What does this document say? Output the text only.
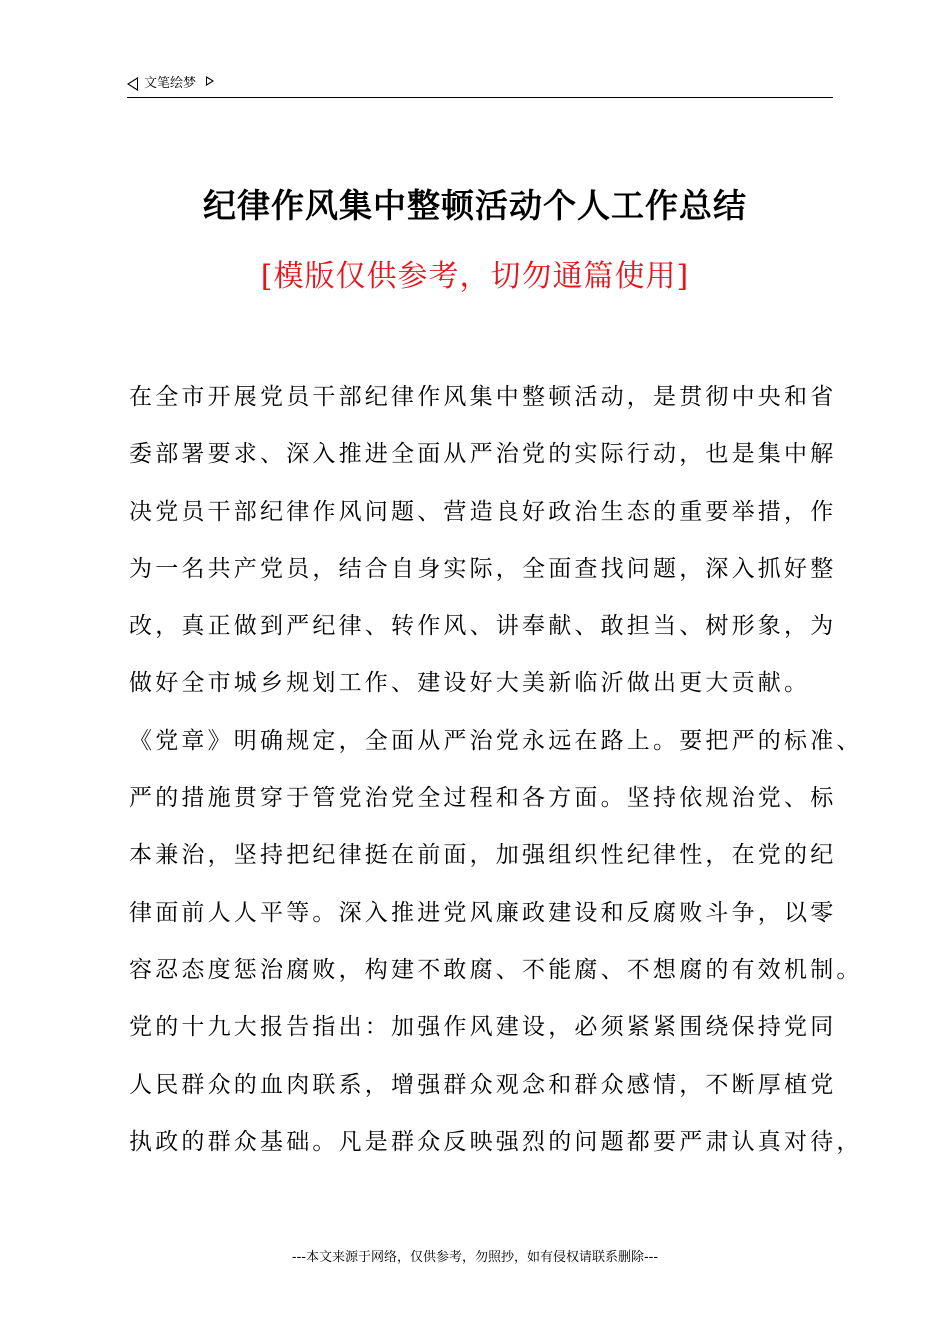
文笔绘梦
纪律作风集中整顿活动个人工作总结
[模版仅供参考，切勿通篇使用]
在全市开展党员干部纪律作风集中整顿活动，是贯彻中央和省
委部署要求、深入推进全面从严治党的实际行动，也是集中解
决党员干部纪律作风问题、营造良好政治生态的重要举措，作
为一名共产党员，结合自身实际，全面查找问题，深入抓好整
改，真正做到严纪律、转作风、讲奉献、敢担当、树形象，为
做好全市城乡规划工作、建设好大美新临沂做出更大贡献。
《党章》明确规定，全面从严治党永远在路上。要把严的标准、
严的措施贯穿于管党治党全过程和各方面。坚持依规治党、标
本兼治，坚持把纪律挺在前面，加强组织性纪律性，在党的纪
律面前人人平等。深入推进党风廉政建设和反腐败斗争，以零
容忍态度惩治腐败，构建不敢腐、不能腐、不想腐的有效机制。
党的十九大报告指出：加强作风建设，必须紧紧围绕保持党同
人民群众的血肉联系，增强群众观念和群众感情，不断厚植党
执政的群众基础。凡是群众反映强烈的问题都要严肃认真对待，
---本文来源于网络，仅供参考，勿照抄，如有侵权请联系删除---
